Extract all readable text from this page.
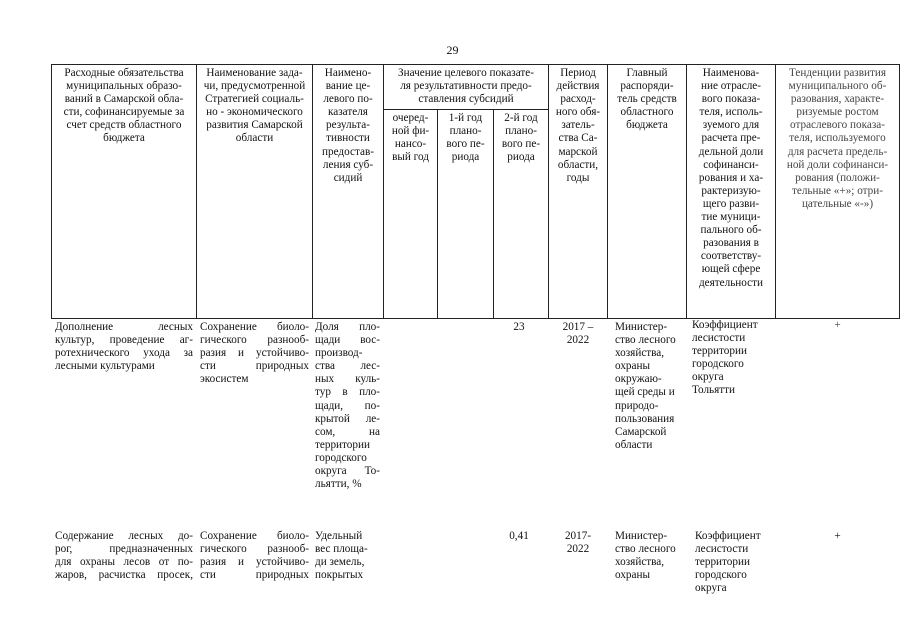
29
Расходные обязательства
муниципальных образо-
ваний в Самарской обла-
сти, софинансируемые за
счет средств областного
бюджета
Наименование зада-
чи, предусмотренной
Стратегией социаль-
но - экономического
развития Самарской
области
Наимено-
вание це-
левого по-
казателя
результа-
тивности
предостав-
ления суб-
сидий
Значение целевого показате-
ля результативности предо-
ставления субсидий
очеред-
ной фи-
нансо-
вый год
1-й год
плано-
вого пе-
риода
2-й год
плано-
вого пе-
риода
Период
действия
расход-
ного обя-
затель-
ства Са-
марской
области,
годы
Главный
распоряди-
тель средств
областного
бюджета
Наименова-
ние отрасле-
вого показа-
теля, исполь-
зуемого для
расчета пре-
дельной доли
софинанси-
рования и ха-
рактеризую-
щего разви-
тие муници-
пального об-
разования в
соответству-
ющей сфере
деятельности
Тенденции развития
муниципального об-
разования, характе-
ризуемые ростом
отраслевого показа-
теля, используемого
для расчета предель-
ной доли софинанси-
рования (положи-
тельные «+»; отри-
цательные «-»)
Дополнение лесных
культур, проведение аг-
ротехнического ухода за
лесными культурами
Сохранение биоло-
гического разнооб-
разия и устойчиво-
сти природных
экосистем
Доля пло-
щади вос-
производ-
ства лес-
ных куль-
тур в пло-
щади, по-
крытой ле-
сом, на
территории
городского
округа То-
льятти, %
23	2017 –
2022
Министер-
ство лесного
хозяйства,
охраны
окружаю-
щей среды и
природо-
пользования
Самарской
области
Коэффициент
лесистости
территории
городского
округа
Тольятти
+
Содержание лесных до-
рог, предназначенных
для охраны лесов от по-
жаров, расчистка просек,
Сохранение биоло-
гического разнооб-
разия и устойчиво-
сти природных
Удельный
вес площа-
ди земель,
покрытых
0,41	2017-
2022
Министер-
ство лесного
хозяйства,
охраны
Коэффициент
лесистости
территории
городского
округа
+
